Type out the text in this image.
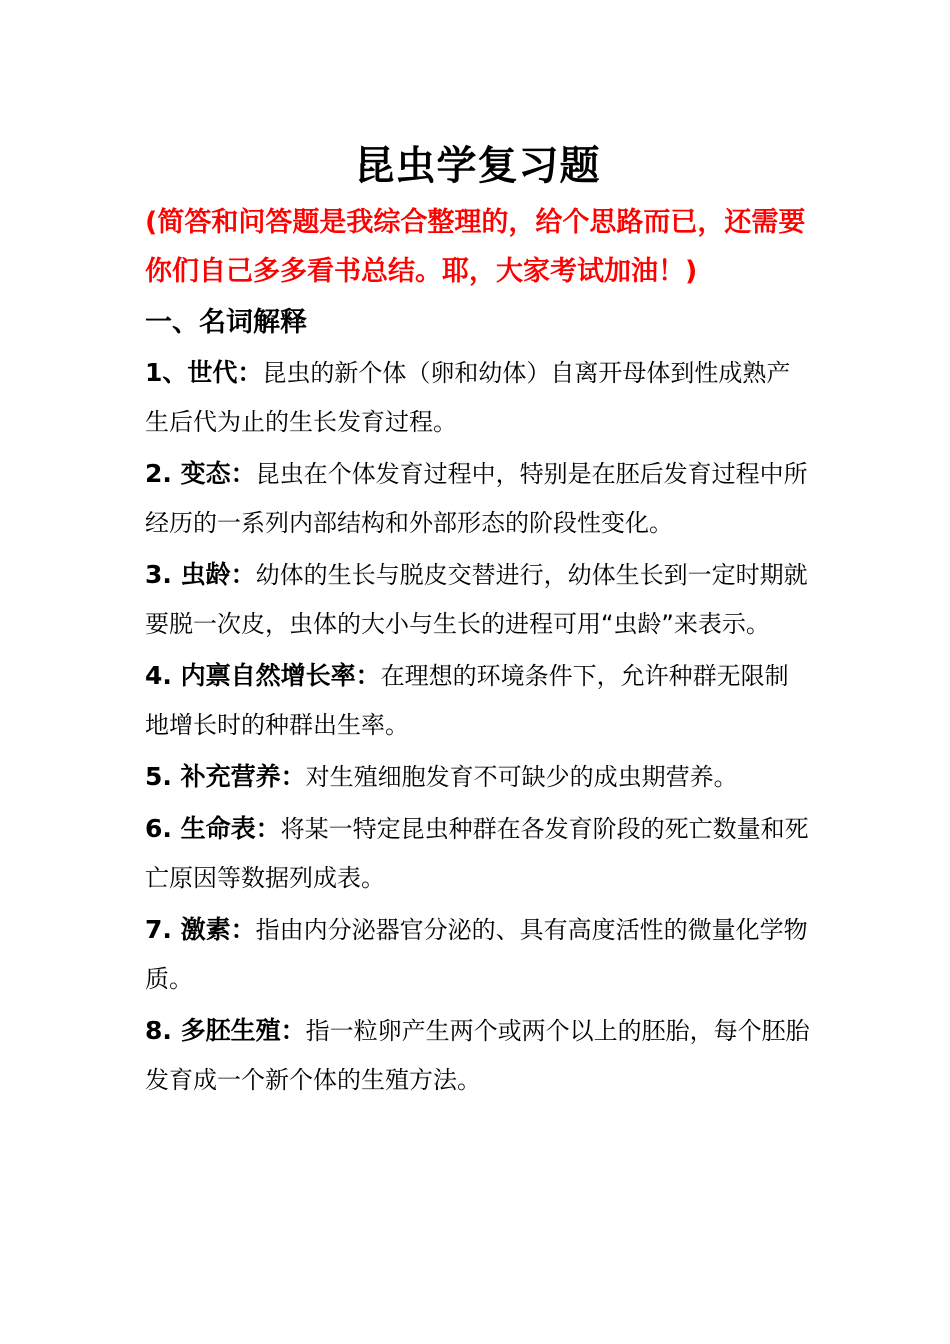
昆虫学复习题

(简答和问答题是我综合整理的，给个思路而已，还需要你们自己多多看书总结。耶，大家考试加油！)

一、名词解释

1、世代：昆虫的新个体（卵和幼体）自离开母体到性成熟产生后代为止的生长发育过程。

2. 变态：昆虫在个体发育过程中，特别是在胚后发育过程中所经历的一系列内部结构和外部形态的阶段性变化。

3. 虫龄：幼体的生长与脱皮交替进行，幼体生长到一定时期就要脱一次皮，虫体的大小与生长的进程可用“虫龄”来表示。

4. 内禀自然增长率：在理想的环境条件下，允许种群无限制地增长时的种群出生率。

5. 补充营养：对生殖细胞发育不可缺少的成虫期营养。

6. 生命表：将某一特定昆虫种群在各发育阶段的死亡数量和死亡原因等数据列成表。

7. 激素：指由内分泌器官分泌的、具有高度活性的微量化学物质。

8. 多胚生殖：指一粒卵产生两个或两个以上的胚胎，每个胚胎发育成一个新个体的生殖方法。
